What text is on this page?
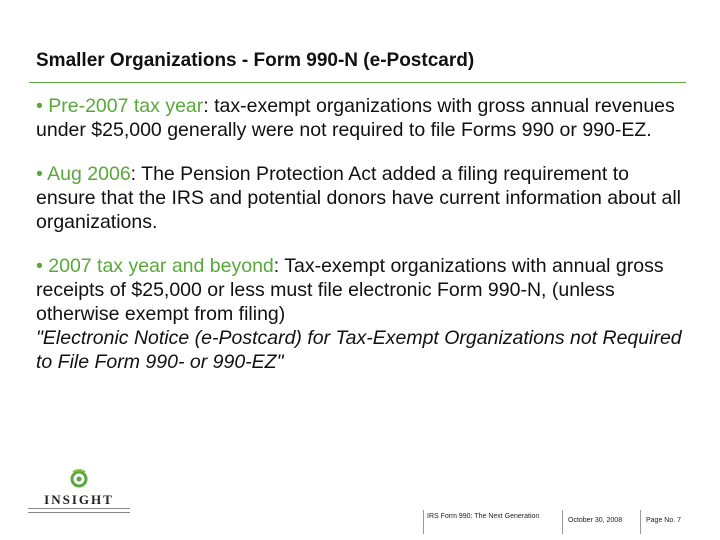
Smaller Organizations - Form 990-N (e-Postcard)

• Pre-2007 tax year: tax-exempt organizations with gross annual revenues under $25,000 generally were not required to file Forms 990 or 990-EZ.

• Aug 2006: The Pension Protection Act added a filing requirement to ensure that the IRS and potential donors have current information about all organizations.

• 2007 tax year and beyond: Tax-exempt organizations with annual gross receipts of $25,000 or less must file electronic Form 990-N, (unless otherwise exempt from filing)
"Electronic Notice (e-Postcard) for Tax-Exempt Organizations not Required to File Form 990- or 990-EZ"

INSIGHT
IRS Form 990: The Next Generation
October 30, 2008	Page No. 7
